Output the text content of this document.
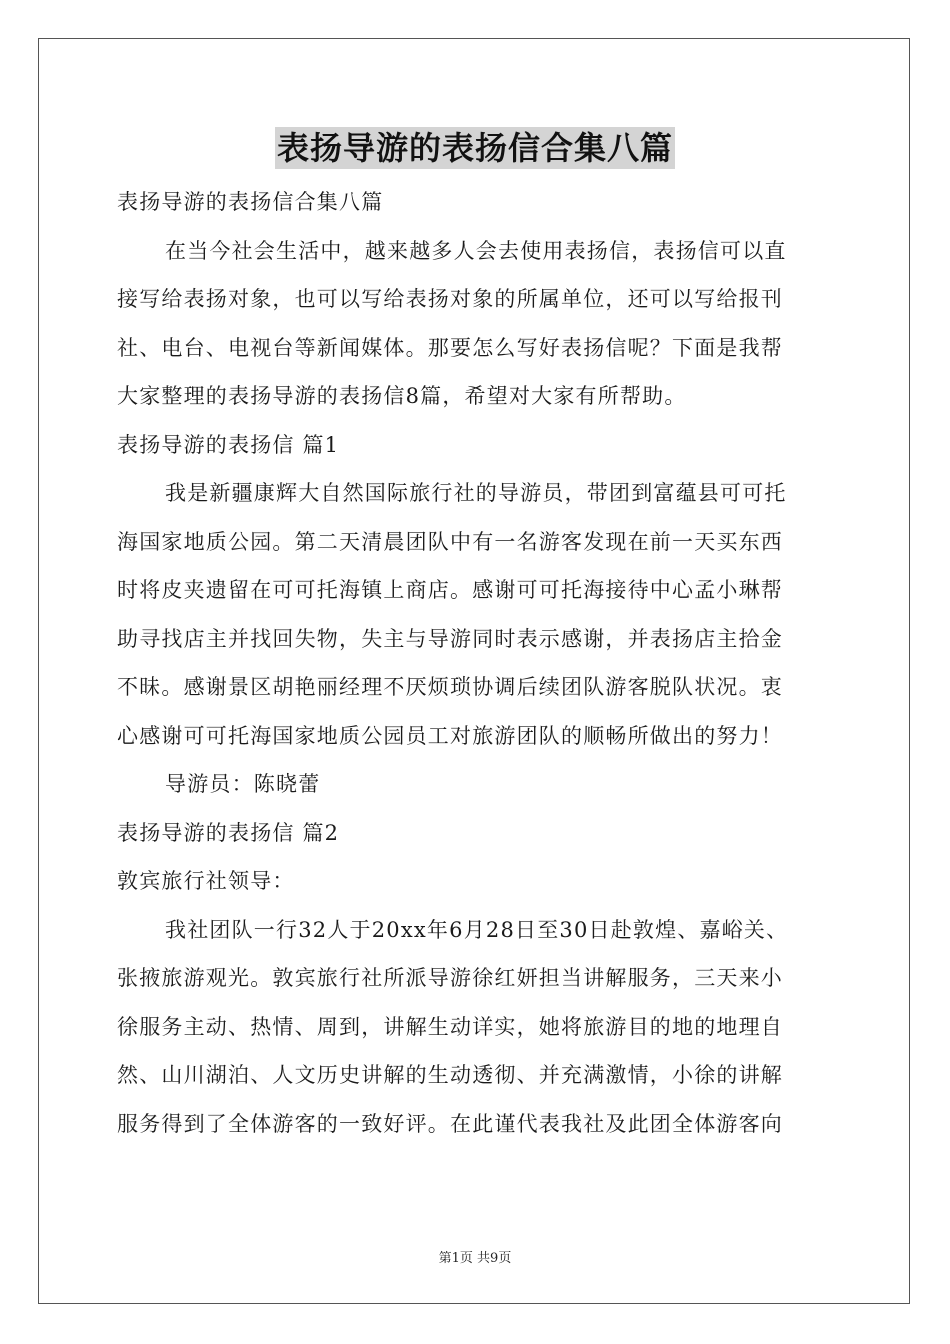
表扬导游的表扬信合集八篇

表扬导游的表扬信合集八篇

在当今社会生活中，越来越多人会去使用表扬信，表扬信可以直

接写给表扬对象，也可以写给表扬对象的所属单位，还可以写给报刊

社、电台、电视台等新闻媒体。那要怎么写好表扬信呢？下面是我帮

大家整理的表扬导游的表扬信8篇，希望对大家有所帮助。

表扬导游的表扬信 篇1

我是新疆康辉大自然国际旅行社的导游员，带团到富蕴县可可托

海国家地质公园。第二天清晨团队中有一名游客发现在前一天买东西

时将皮夹遗留在可可托海镇上商店。感谢可可托海接待中心孟小琳帮

助寻找店主并找回失物，失主与导游同时表示感谢，并表扬店主拾金

不昧。感谢景区胡艳丽经理不厌烦琐协调后续团队游客脱队状况。衷

心感谢可可托海国家地质公园员工对旅游团队的顺畅所做出的努力！

导游员：陈晓蕾

表扬导游的表扬信 篇2

敦宾旅行社领导：

我社团队一行32人于20xx年6月28日至30日赴敦煌、嘉峪关、

张掖旅游观光。敦宾旅行社所派导游徐红妍担当讲解服务，三天来小

徐服务主动、热情、周到，讲解生动详实，她将旅游目的地的地理自

然、山川湖泊、人文历史讲解的生动透彻、并充满激情，小徐的讲解

服务得到了全体游客的一致好评。在此谨代表我社及此团全体游客向

第1页 共9页
